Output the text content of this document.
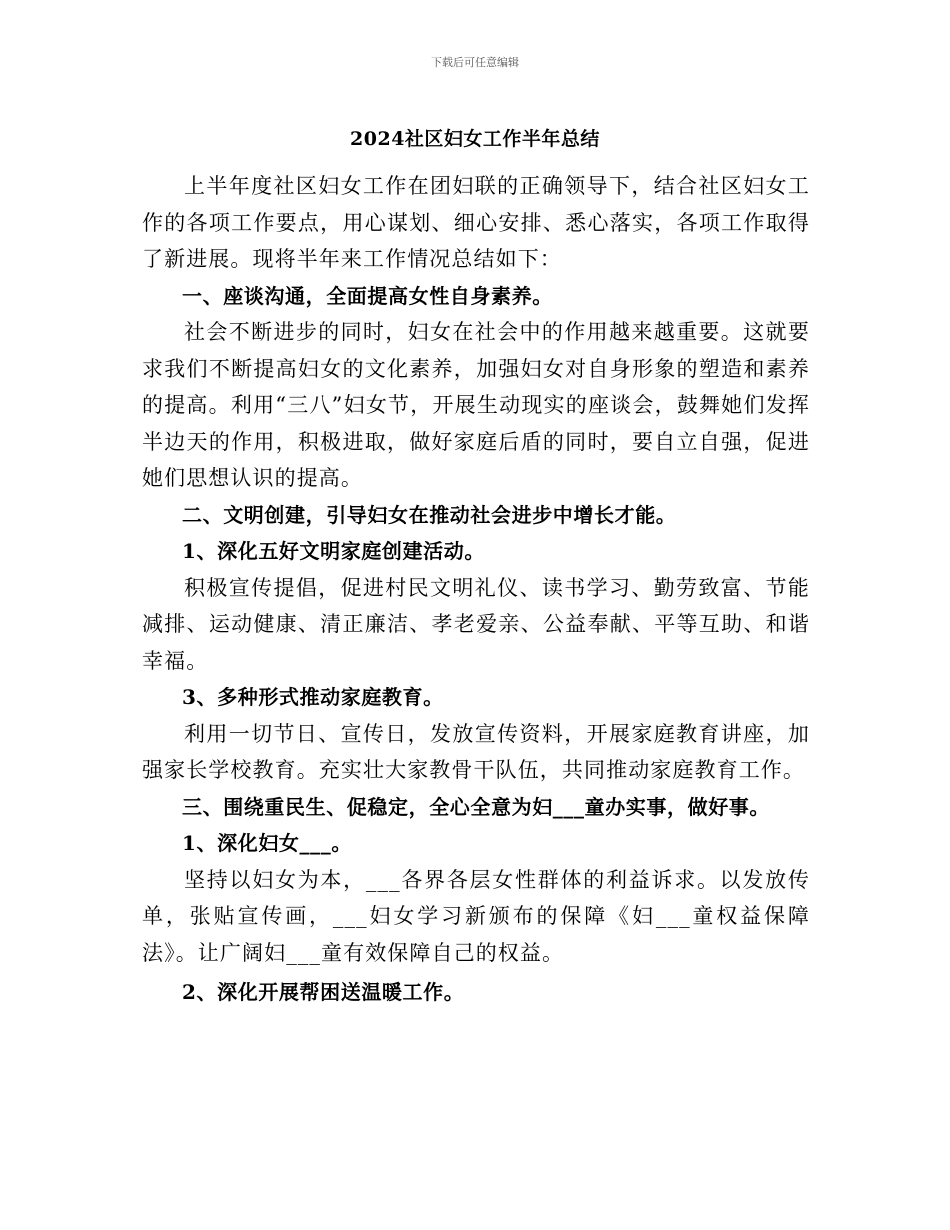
下载后可任意编辑
2024社区妇女工作半年总结

上半年度社区妇女工作在团妇联的正确领导下，结合社区妇女工作的各项工作要点，用心谋划、细心安排、悉心落实，各项工作取得了新进展。现将半年来工作情况总结如下：

一、座谈沟通，全面提高女性自身素养。

社会不断进步的同时，妇女在社会中的作用越来越重要。这就要求我们不断提高妇女的文化素养，加强妇女对自身形象的塑造和素养的提高。利用“三八”妇女节，开展生动现实的座谈会，鼓舞她们发挥半边天的作用，积极进取，做好家庭后盾的同时，要自立自强，促进她们思想认识的提高。

二、文明创建，引导妇女在推动社会进步中增长才能。

1、深化五好文明家庭创建活动。

积极宣传提倡，促进村民文明礼仪、读书学习、勤劳致富、节能减排、运动健康、清正廉洁、孝老爱亲、公益奉献、平等互助、和谐幸福。

3、多种形式推动家庭教育。

利用一切节日、宣传日，发放宣传资料，开展家庭教育讲座，加强家长学校教育。充实壮大家教骨干队伍，共同推动家庭教育工作。

三、围绕重民生、促稳定，全心全意为妇___童办实事，做好事。

1、深化妇女___。

坚持以妇女为本，___各界各层女性群体的利益诉求。以发放传单，张贴宣传画，___妇女学习新颁布的保障《妇___童权益保障法》。让广阔妇___童有效保障自己的权益。

2、深化开展帮困送温暖工作。
